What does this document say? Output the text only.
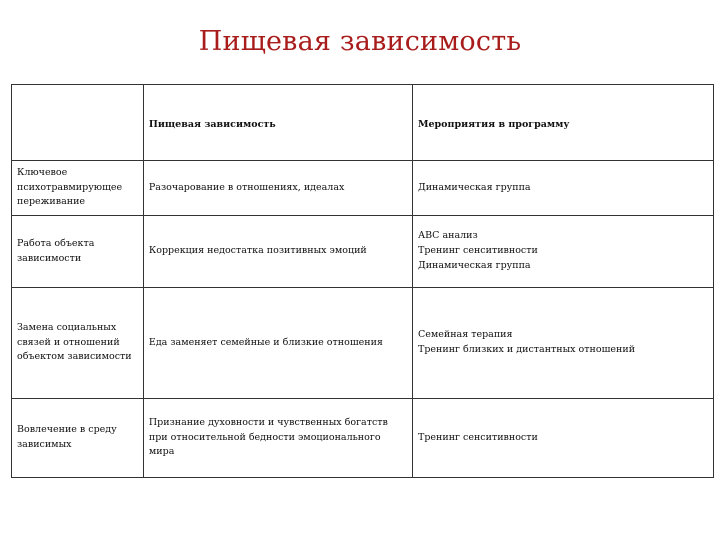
Пищевая зависимость
	Пищевая зависимость	Мероприятия в программу
Ключевое психотравмирующее переживание	Разочарование в отношениях, идеалах	Динамическая группа

Работа объекта зависимости	Коррекция недостатка позитивных эмоций	АВС анализ
Тренинг сенситивности
Динамическая группа

Замена социальных связей и отношений объектом зависимости	Еда заменяет семейные и близкие отношения	Семейная терапия
Тренинг близких и дистантных отношений

Вовлечение в среду зависимых	Признание духовности и чувственных богатств при относительной бедности эмоционального мира	Тренинг сенситивности
